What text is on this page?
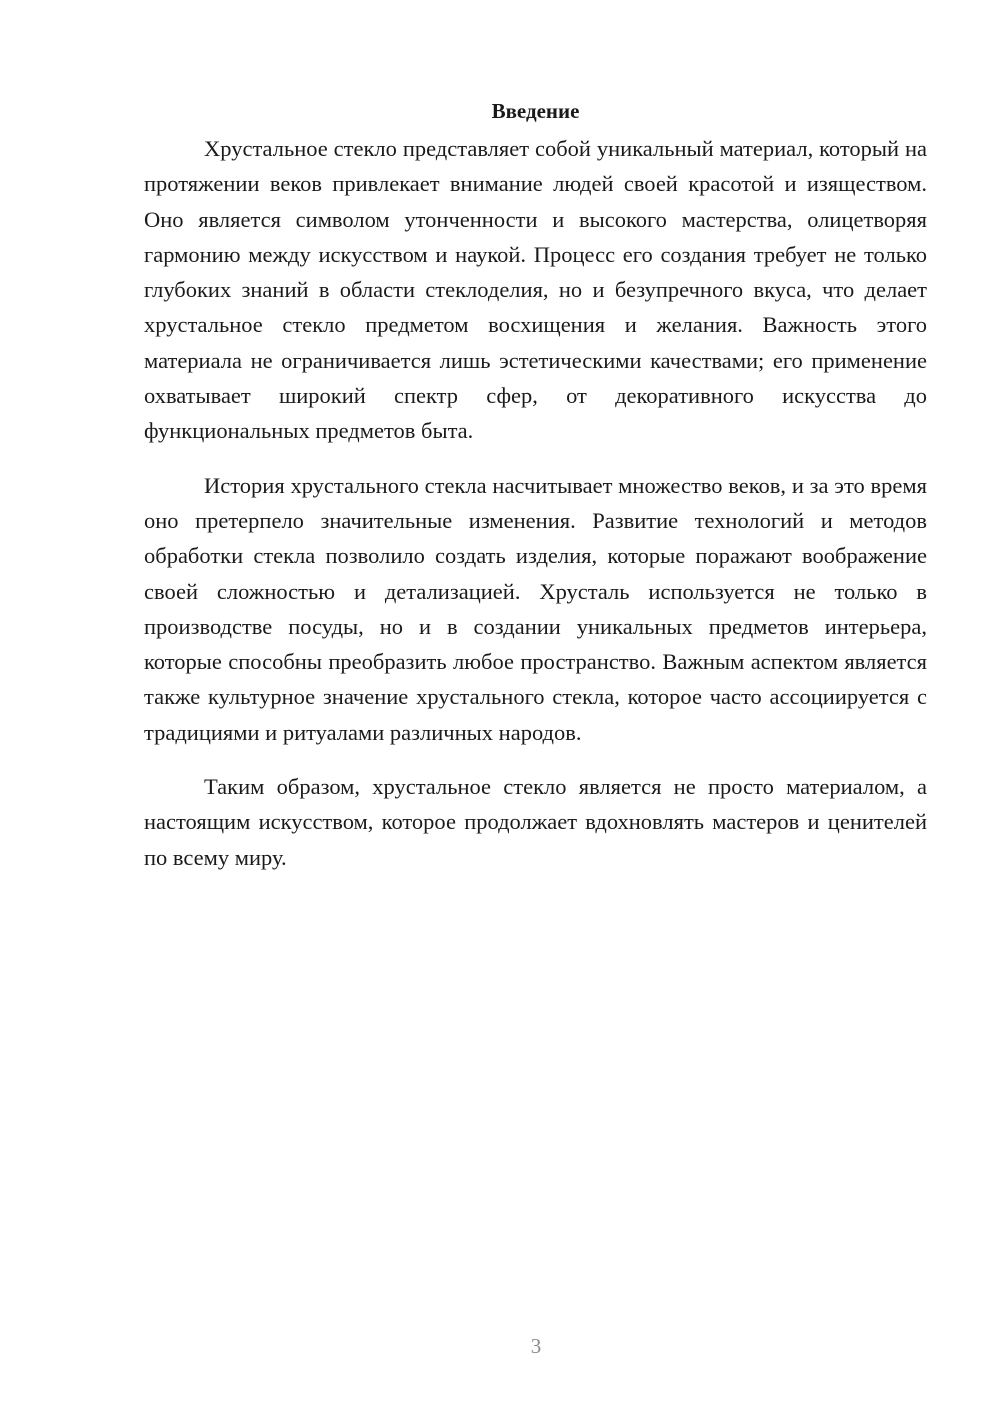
Введение

Хрустальное стекло представляет собой уникальный материал, который на протяжении веков привлекает внимание людей своей красотой и изяществом. Оно является символом утонченности и высокого мастерства, олицетворяя гармонию между искусством и наукой. Процесс его создания требует не только глубоких знаний в области стеклоделия, но и безупречного вкуса, что делает хрустальное стекло предметом восхищения и желания. Важность этого материала не ограничивается лишь эстетическими качествами; его применение охватывает широкий спектр сфер, от декоративного искусства до функциональных предметов быта.

История хрустального стекла насчитывает множество веков, и за это время оно претерпело значительные изменения. Развитие технологий и методов обработки стекла позволило создать изделия, которые поражают воображение своей сложностью и детализацией. Хрусталь используется не только в производстве посуды, но и в создании уникальных предметов интерьера, которые способны преобразить любое пространство. Важным аспектом является также культурное значение хрустального стекла, которое часто ассоциируется с традициями и ритуалами различных народов.

Таким образом, хрустальное стекло является не просто материалом, а настоящим искусством, которое продолжает вдохновлять мастеров и ценителей по всему миру.

3
